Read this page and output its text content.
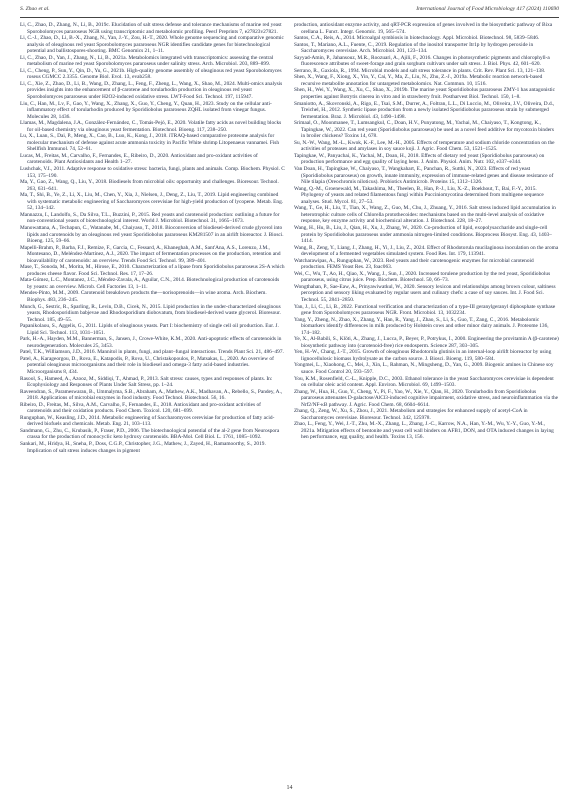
S. Zhao et al.	International Journal of Food Microbiology 417 (2024) 110690

Li, C., Zhao, D., Zhang, N., Li, B., 2019c. Elucidation of salt stress defense and tolerance mechanisms of marine red yeast Sporobolomyces pararoseus NGR using transcriptomic and metabolomic profiling. PeerJ Preprints 7, e27823v27821.

Li, C.-J., Zhao, D., Li, B.-X., Zhang, N., Yan, J.-Y., Zou, H.-T., 2020. Whole genome sequencing and comparative genomic analysis of oleaginous red yeast Sporobolomyces pararoseus NGR identifies candidate genes for biotechnological potential and ballistospores-shooting. BMC Genomics 21, 1–11.

Li, C., Zhao, D., Yan, J., Zhang, N., Li, B., 2021a. Metabolomics integrated with transcriptomics: assessing the central metabolism of marine red yeast Sporobolomyces pararoseus under salinity stress. Arch. Microbiol. 203, 889–899.

Li, C., Cheng, P., Sun, Y., Qin, D., Yu, G., 2021b. High-quality genome assembly of oleaginous red yeast Sporobolomyces roseus CGMCC 2.3355. Genome Biol. Evol. 13, evab258.

Li, C., Xie, Z., Zhao, D., Li, B., Wang, D., Zhang, L., Feng, F., Zheng, L., Wang, X., Shao, M., 2024. Multi-omics analysis provides insights into the enhancement of β-carotene and torularhodin production in oleaginous red yeast Sporobolomyces pararoseus under H2O2-induced oxidative stress. LWT-Food Sci. Technol. 197, 115947.

Liu, C., Han, M., Lv, F., Gao, Y., Wang, X., Zhang, X., Guo, Y., Cheng, Y., Quan, H., 2023. Study on the cellular anti-inflammatory effect of torularhodin produced by Sporidiobolus pararoseus ZQHL isolated from vinegar fungus. Molecules 28, 1436.

Llamas, M., Magdalena, J.A., González-Fernández, C., Tomás-Pejó, E., 2020. Volatile fatty acids as novel building blocks for oil-based chemistry via oleaginous yeast fermentation. Biotechnol. Bioeng. 117, 238–250.

Lu, X., Luan, S., Dai, P., Meng, X., Cao, B., Luo, K., Kong, J., 2018. iTRAQ-based comparative proteome analysis for molecular mechanism of defense against acute ammonia toxicity in Pacific White shrimp Litopenaeus vannamei. Fish Shellfish Immunol. 74, 52–61.

Lucas, M., Freitas, M., Carvalho, F., Fernandes, E., Ribeiro, D., 2020. Antioxidant and pro-oxidant activities of carotenoids. Plant Antioxidants and Health 1–27.

Lushchak, V.I., 2011. Adaptive response to oxidative stress: bacteria, fungi, plants and animals. Comp. Biochem. Physiol. C 153, 175–190.

Ma, Y., Gao, Z., Wang, Q., Liu, Y., 2018. Biodiesels from microbial oils: opportunity and challenges. Bioresour. Technol. 263, 631–641.

Ma, T., Shi, B., Ye, Z., Li, X., Liu, M., Chen, Y., Xia, J., Nielsen, J., Deng, Z., Liu, T., 2019. Lipid engineering combined with systematic metabolic engineering of Saccharomyces cerevisiae for high-yield production of lycopene. Metab. Eng. 52, 134–142.

Mannazzu, I., Landolfo, S., Da Silva, T.L., Buzzini, P., 2015. Red yeasts and carotenoid production: outlining a future for non-conventional yeasts of biotechnological interest. World J. Microbiol. Biotechnol. 31, 1665–1673.

Manowattana, A., Techapun, C., Watanabe, M., Chaiyaso, T., 2018. Bioconversion of biodiesel-derived crude glycerol into lipids and carotenoids by an oleaginous red yeast Sporidiobolus pararoseus KM281507 in an airlift bioreactor. J. Biosci. Bioeng. 125, 59–66.

Mapelli-Brahm, P., Barba, F.J., Remize, F., Garcia, C., Fessard, A., Khaneghah, A.M., Sant'Ana, A.S., Lorenzo, J.M., Montesano, D., Meléndez-Martínez, A.J., 2020. The impact of fermentation processes on the production, retention and bioavailability of carotenoids: an overview. Trends Food Sci. Technol. 99, 389–401.

Mase, T., Sonoda, M., Morita, M., Hirose, E., 2010. Characterization of a lipase from Sporidiobolus pararoseus 2S-A which produces cheese flavor. Food Sci. Technol. Res. 17, 17–26.

Mata-Gómez, L.C., Montanez, J.C., Méndez-Zavala, A., Aguilar, C.N., 2014. Biotechnological production of carotenoids by yeasts: an overview. Microb. Cell Factories 13, 1–11.

Mendes-Pinto, M.M., 2009. Carotenoid breakdown products the—norisoprenoids—in wine aroma. Arch. Biochem. Biophys. 483, 236–245.

Munch, G., Sestric, R., Sparling, R., Levin, D.B., Cicek, N., 2015. Lipid production in the under-characterized oleaginous yeasts, Rhodosporidium babjevae and Rhodosporidium diobovatum, from biodiesel-derived waste glycerol. Bioresour. Technol. 185, 49–55.

Papanikolaou, S., Aggelis, G., 2011. Lipids of oleaginous yeasts. Part I: biochemistry of single cell oil production. Eur. J. Lipid Sci. Technol. 113, 1031–1051.

Park, H.-A., Hayden, M.M., Bannerman, S., Jansen, J., Crowe-White, K.M., 2020. Anti-apoptotic effects of carotenoids in neurodegeneration. Molecules 25, 3453.

Patel, T.K., Williamson, J.D., 2016. Mannitol in plants, fungi, and plant–fungal interactions. Trends Plant Sci. 21, 486–497.

Patel, A., Karageorgou, D., Rova, E., Katapodis, P., Rova, U., Christakopoulos, P., Matsakas, L., 2020. An overview of potential oleaginous microorganisms and their role in biodiesel and omega-3 fatty acid-based industries. Microorganisms 8, 434.

Rasool, S., Hameed, A., Azooz, M., Siddiqi, T., Ahmad, P., 2013. Salt stress: causes, types and responses of plants. In: Ecophysiology and Responses of Plants Under Salt Stress, pp. 1–24.

Raveendran, S., Parameswaran, B., Ummalyma, S.B., Abraham, A., Mathew, A.K., Madhavan, A., Rebello, S., Pandey, A., 2018. Applications of microbial enzymes in food industry. Food Technol. Biotechnol. 56, 16.

Ribeiro, D., Freitas, M., Silva, A.M., Carvalho, F., Fernandes, E., 2018. Antioxidant and pro-oxidant activities of carotenoids and their oxidation products. Food Chem. Toxicol. 120, 681–699.

Runguphan, W., Keasling, J.D., 2014. Metabolic engineering of Saccharomyces cerevisiae for production of fatty acid-derived biofuels and chemicals. Metab. Eng. 21, 103–113.

Sandmann, G., Zhu, C., Krubasik, P., Fraser, P.D., 2006. The biotechnological potential of the al-2 gene from Neurospora crassa for the production of monocyclic keto hydroxy carotenoids. BBA-Mol. Cell Biol. L. 1761, 1085–1092.

Sankari, M., Hridya, H., Sneha, P., Doss, C.G.P., Christopher, J.G., Mathew, J., Zayed, H., Ramamoorthy, S., 2019. Implication of salt stress induces changes in pigment

production, antioxidant enzyme activity, and qRT-PCR expression of genes involved in the biosynthetic pathway of Bixa orellana L. Funct. Integr. Genomic. 19, 565–574.

Santos, C.A., Reis, A., 2014. Microalgal symbiosis in biotechnology. Appl. Microbiol. Biotechnol. 98, 5839–5846.

Santos, T., Mariano, A.L., Fuente, C., 2019. Regulation of the inositol transporter Itr1p by hydrogen peroxide in Saccharomyces cerevisiae. Arch. Microbiol. 201, 123–134.

Sayyad-Amin, P., Jahansouz, M.R., Roozuari, A., Ajili, F., 2016. Changes in photosynthetic pigments and chlorophyll-a fluorescence attributes of sweet-forage and grain sorghum cultivars under salt stress. J. Biol. Phys. 42, 601–620.

Serrano, R., Gaxiola, R., 1994. Microbial models and salt stress tolerance in plants. Crit. Rev. Plant Sci. 13, 121–138.

Shen, X., Wang, F., Xiong, X., Yin, Y., Cai, Y., Ma, Z., Liu, N., Zhu, Z.-J., 2019a. Metabolic reaction network-based recursive metabolite annotation for untargeted metabolomics. Nat. Commun. 10, 1516.

Shen, H., Wei, Y., Wang, X., Xu, C., Shao, X., 2019b. The marine yeast Sporidiobolus pararoseus ZMY-1 has antagonistic properties against Botrytis cinerea in vitro and in strawberry fruit. Postharvest Biol. Technol. 150, 1–8.

Smaniotto, A., Skovronski, A., Rigo, E., Tsai, S.M., Durrer, A., Foltran, L.L., Di Luccio, M., Oliveira, J.V., Oliveira, D.d., Treichel, H., 2012. Synthetic lipase production from a newly isolated Sporidiobolus pararoseus strain by submerged fermentation. Braz. J. Microbiol. 43, 1490–1498.

Srimaal, O., Moonmanee, T., Lumsangkul, C., Doan, H.V., Punyatong, M., Yachai, M., Chaiyaso, T., Kongtong, K., Tapingkae, W., 2022. Can red yeast (Sporidiobolus pararoseus) be used as a novel feed additive for mycotoxin binders in broiler chickens? Toxins 14, 678.

Su, N.-W., Wang, M.-L., Kwok, K.-F., Lee, M.-H., 2005. Effects of temperature and sodium chloride concentration on the activities of proteases and amylases in soy sauce koji. J. Agric. Food Chem. 53, 1521–1525.

Tapingkae, W., Panyachai, K., Yachai, M., Doan, H., 2018. Effects of dietary red yeast (Sporidiobolus pararoseus) on production performance and egg quality of laying hens. J. Anim. Physiol. Anim. Nutr. 102, e337–e344.

Van Doan, H., Tapingkae, W., Chaiyaso, T., Wangkahart, E., Panchan, R., Sutthi, N., 2023. Effects of red yeast (Sporidiobolus pararoseus) on growth, innate immunity, expression of immune-related genes and disease resistance of Nile tilapia (Oreochromis niloticus). Probiotics Antimicrob. Proteins 15, 1312–1326.

Wang, Q.-M., Groenewald, M., Takashima, M., Theelen, B., Han, P.-J., Liu, X.-Z., Boekhout, T., Bai, F.-Y., 2015. Phylogeny of yeasts and related filamentous fungi within Pucciniomycotina determined from multigene sequence analyses. Stud. Mycol. 81, 27–53.

Wang, T., Ge, H., Liu, T., Tian, X., Wang, Z., Guo, M., Chu, J., Zhuang, Y., 2016. Salt stress induced lipid accumulation in heterotrophic culture cells of Chlorella protothecoides: mechanisms based on the multi-level analysis of oxidative response, key enzyme activity and biochemical alteration. J. Biotechnol. 228, 18–27.

Wang, H., Hu, B., Liu, J., Qian, H., Xu, J., Zhang, W., 2020. Co-production of lipid, exopolysaccharide and single-cell protein by Sporidiobolus pararoseus under ammonia nitrogen-limited conditions. Bioprocess Biosyst. Eng. 43, 1403–1414.

Wang, R., Zeng, Y., Liang, J., Zhang, H., Yi, J., Liu, Z., 2024. Effect of Rhodotorula mucilaginosa inoculation on the aroma development of a fermented vegetables simulated system. Food Res. Int. 179, 113941.

Watcharawipas, A., Runguphan, W., 2023. Red yeasts and their carotenogenic enzymes for microbial carotenoid production. FEMS Yeast Res. 23, foac063.

Wei, C., Wu, T., Ao, H., Qiao, X., Wang, J., Sun, J., 2020. Increased torulene production by the red yeast, Sporidiobolus pararoseus, using citrus juice. Prep. Biochem. Biotechnol. 50, 66–73.

Wongthahan, P., Sae-Eaw, A., Prinyawiwatkul, W., 2020. Sensory lexicon and relationships among brown colour, saltiness perception and sensory liking evaluated by regular users and culinary chefs: a case of soy sauces. Int. J. Food Sci. Technol. 55, 2841–2850.

Yan, J., Li, C., Li, B., 2022. Functional verification and characterization of a type-III geranylgeranyl diphosphate synthase gene from Sporobolomyces pararoseus NGR. Front. Microbiol. 13, 1032234.

Yang, Y., Zheng, N., Zhao, X., Zhang, Y., Han, R., Yang, J., Zhao, S., Li, S., Guo, T., Zang, C., 2016. Metabolomic biomarkers identify differences in milk produced by Holstein cows and other minor dairy animals. J. Proteome 136, 174–182.

Ye, X., Al-Babili, S., Klöti, A., Zhang, J., Lucca, P., Beyer, P., Potrykus, I., 2000. Engineering the provitamin A (β-carotene) biosynthetic pathway into (carotenoid-free) rice endosperm. Science 287, 303–305.

Yen, H.-W., Chang, J.-T., 2015. Growth of oleaginous Rhodotorula glutinis in an internal-loop airlift bioreactor by using lignocellulosic biomass hydrolysate as the carbon source. J. Biosci. Bioeng. 119, 580–584.

Yongmei, L., Xiaohong, C., Mei, J., Xin, L., Rahman, N., Mingsheng, D., Yan, G., 2009. Biogenic amines in Chinese soy sauce. Food Control 20, 593–597.

You, K.M., Rosenfield, C.-L., Knipple, D.C., 2003. Ethanol tolerance in the yeast Saccharomyces cerevisiae is dependent on cellular oleic acid content. Appl. Environ. Microbiol. 69, 1499–1503.

Zhang, W., Hua, H., Guo, Y., Cheng, Y., Pi, F., Yao, W., Xie, Y., Qian, H., 2020. Torularhodin from Sporidiobolus pararoseus attenuates D-galactose/AlCl3-induced cognitive impairment, oxidative stress, and neuroinflammation via the Nrf2/NF-κB pathway. J. Agric. Food Chem. 68, 6604–6614.

Zhang, Q., Zeng, W., Xu, S., Zhou, J., 2021. Metabolism and strategies for enhanced supply of acetyl-CoA in Saccharomyces cerevisiae. Bioresour. Technol. 342, 125978.

Zhao, L., Feng, Y., Wei, J.-T., Zhu, M.-X., Zhang, L., Zhang, J.-C., Karrow, N.A., Han, Y.-M., Wu, Y.-Y., Guo, Y.-M., 2021a. Mitigation effects of bentonite and yeast cell wall binders on AFB1, DON, and OTA induced changes in laying hen performance, egg quality, and health. Toxins 13, 156.

14
